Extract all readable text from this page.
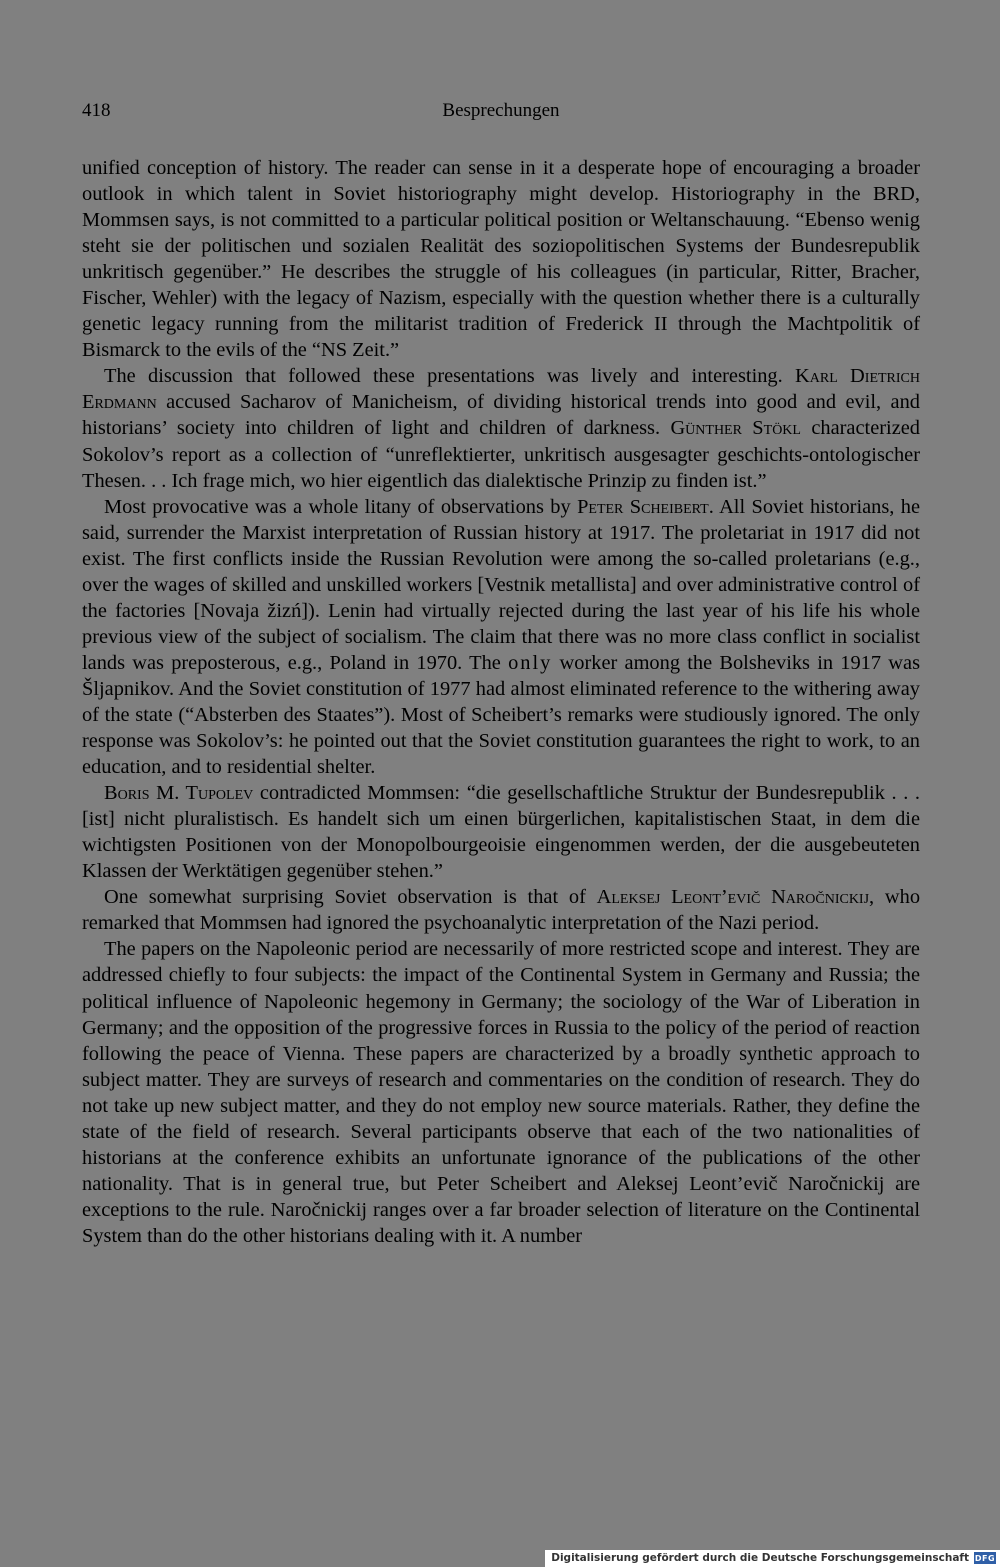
418	Besprechungen

unified conception of history. The reader can sense in it a desperate hope of encouraging a broader outlook in which talent in Soviet historiography might develop. Historiography in the BRD, Mommsen says, is not committed to a particular political position or Weltanschauung. “Ebenso wenig steht sie der politischen und sozialen Realität des soziopolitischen Systems der Bundesrepublik unkritisch gegenüber.” He describes the struggle of his colleagues (in particular, Ritter, Bracher, Fischer, Wehler) with the legacy of Nazism, especially with the question whether there is a culturally genetic legacy running from the militarist tradition of Frederick II through the Machtpolitik of Bismarck to the evils of the “NS Zeit.”

The discussion that followed these presentations was lively and interesting. Karl Dietrich Erdmann accused Sacharov of Manicheism, of dividing historical trends into good and evil, and historians’ society into children of light and children of darkness. Günther Stökl characterized Sokolov’s report as a collection of “unreflektierter, unkritisch ausgesagter geschichts-ontologischer Thesen. . . Ich frage mich, wo hier eigentlich das dialektische Prinzip zu finden ist.”

Most provocative was a whole litany of observations by Peter Scheibert. All Soviet historians, he said, surrender the Marxist interpretation of Russian history at 1917. The proletariat in 1917 did not exist. The first conflicts inside the Russian Revolution were among the so-called proletarians (e.g., over the wages of skilled and unskilled workers [Vestnik metallista] and over administrative control of the factories [Novaja žizń]). Lenin had virtually rejected during the last year of his life his whole previous view of the subject of socialism. The claim that there was no more class conflict in socialist lands was preposterous, e.g., Poland in 1970. The only worker among the Bolsheviks in 1917 was Šljapnikov. And the Soviet constitution of 1977 had almost eliminated reference to the withering away of the state (“Absterben des Staates”). Most of Scheibert’s remarks were studiously ignored. The only response was Sokolov’s: he pointed out that the Soviet constitution guarantees the right to work, to an education, and to residential shelter.

Boris M. Tupolev contradicted Mommsen: “die gesellschaftliche Struktur der Bundesrepublik . . . [ist] nicht pluralistisch. Es handelt sich um einen bürgerlichen, kapitalistischen Staat, in dem die wichtigsten Positionen von der Monopolbourgeoisie eingenommen werden, der die ausgebeuteten Klassen der Werktätigen gegenüber stehen.”

One somewhat surprising Soviet observation is that of Aleksej Leont’evič Naročnickij, who remarked that Mommsen had ignored the psychoanalytic interpretation of the Nazi period.

The papers on the Napoleonic period are necessarily of more restricted scope and interest. They are addressed chiefly to four subjects: the impact of the Continental System in Germany and Russia; the political influence of Napoleonic hegemony in Germany; the sociology of the War of Liberation in Germany; and the opposition of the progressive forces in Russia to the policy of the period of reaction following the peace of Vienna. These papers are characterized by a broadly synthetic approach to subject matter. They are surveys of research and commentaries on the condition of research. They do not take up new subject matter, and they do not employ new source materials. Rather, they define the state of the field of research. Several participants observe that each of the two nationalities of historians at the conference exhibits an unfortunate ignorance of the publications of the other nationality. That is in general true, but Peter Scheibert and Aleksej Leont’evič Naročnickij are exceptions to the rule. Naročnickij ranges over a far broader selection of literature on the Continental System than do the other historians dealing with it. A number

Digitalisierung gefördert durch die Deutsche Forschungsgemeinschaft DFG
